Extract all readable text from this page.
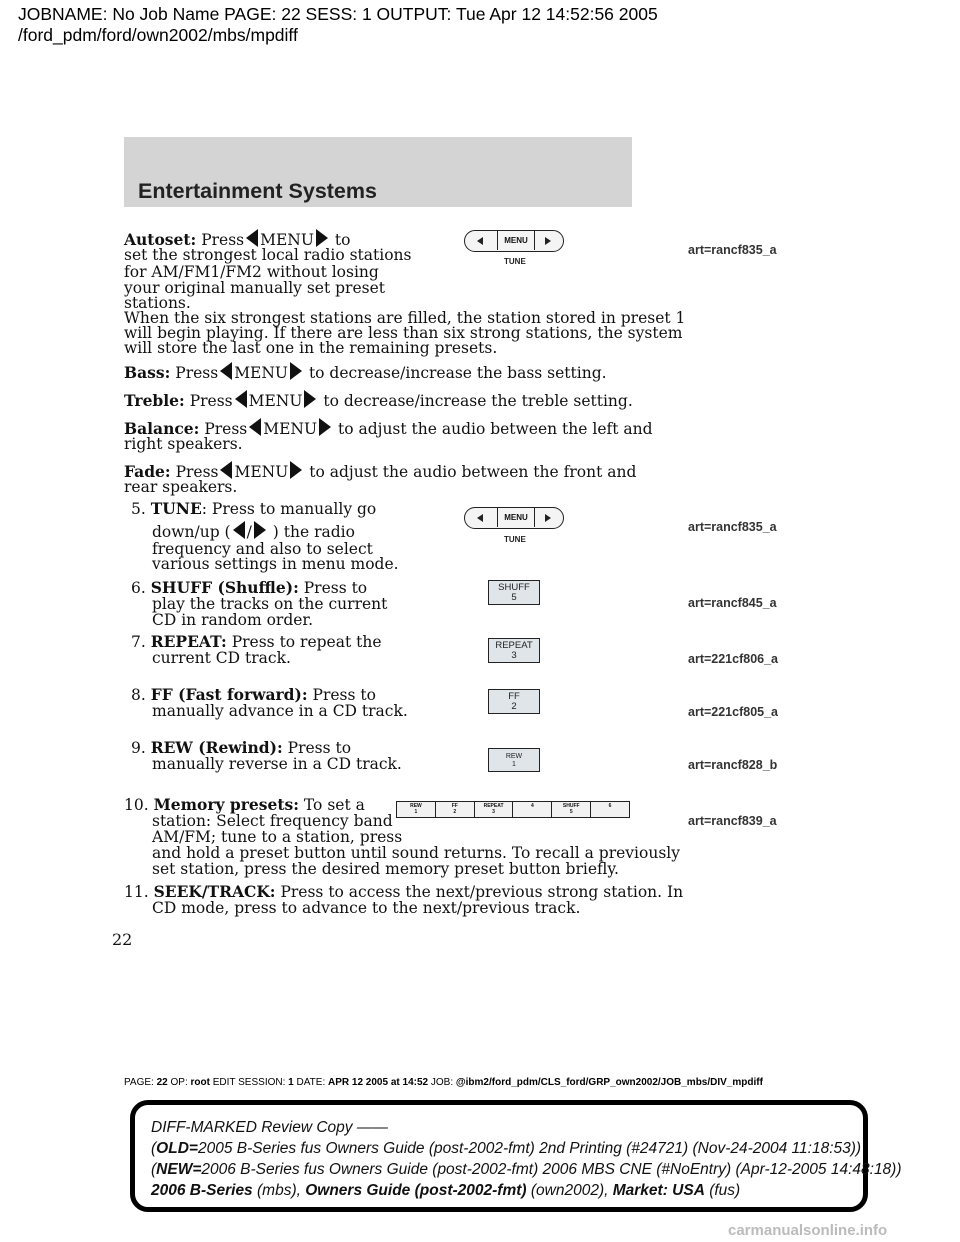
JOBNAME: No Job Name PAGE: 22 SESS: 1 OUTPUT: Tue Apr 12 14:52:56 2005
/ford_pdm/ford/own2002/mbs/mpdiff
Entertainment Systems
Autoset: Press MENU to
set the strongest local radio stations
for AM/FM1/FM2 without losing
your original manually set preset
stations.
When the six strongest stations are filled, the station stored in preset 1
will begin playing. If there are less than six strong stations, the system
will store the last one in the remaining presets.
Bass: Press MENU to decrease/increase the bass setting.
Treble: Press MENU to decrease/increase the treble setting.
Balance: Press MENU to adjust the audio between the left and
right speakers.
Fade: Press MENU to adjust the audio between the front and
rear speakers.
5. TUNE: Press to manually go
down/up ( / ) the radio
frequency and also to select
various settings in menu mode.
6. SHUFF (Shuffle): Press to
play the tracks on the current
CD in random order.
7. REPEAT: Press to repeat the
current CD track.
8. FF (Fast forward): Press to
manually advance in a CD track.
9. REW (Rewind): Press to
manually reverse in a CD track.
10. Memory presets: To set a
station: Select frequency band
AM/FM; tune to a station, press
and hold a preset button until sound returns. To recall a previously
set station, press the desired memory preset button briefly.
11. SEEK/TRACK: Press to access the next/previous strong station. In
CD mode, press to advance to the next/previous track.
MENU
TUNE
MENU
TUNE
SHUFF
5
REPEAT
3
FF
2
REW
1
REW
1
FF
2
REPEAT
3
4	SHUFF
5
6
art=rancf835_a
art=rancf835_a
art=rancf845_a
art=221cf806_a
art=221cf805_a
art=rancf828_b
art=rancf839_a
22
PAGE: 22 OP: root EDIT SESSION: 1 DATE: APR 12 2005 at 14:52 JOB: @ibm2/ford_pdm/CLS_ford/GRP_own2002/JOB_mbs/DIV_mpdiff
DIFF-MARKED Review Copy ——
(OLD=2005 B-Series fus Owners Guide (post-2002-fmt) 2nd Printing (#24721) (Nov-24-2004 11:18:53))
(NEW=2006 B-Series fus Owners Guide (post-2002-fmt) 2006 MBS CNE (#NoEntry) (Apr-12-2005 14:48:18))
2006 B-Series (mbs), Owners Guide (post-2002-fmt) (own2002), Market: USA (fus)
carmanualsonline.info
